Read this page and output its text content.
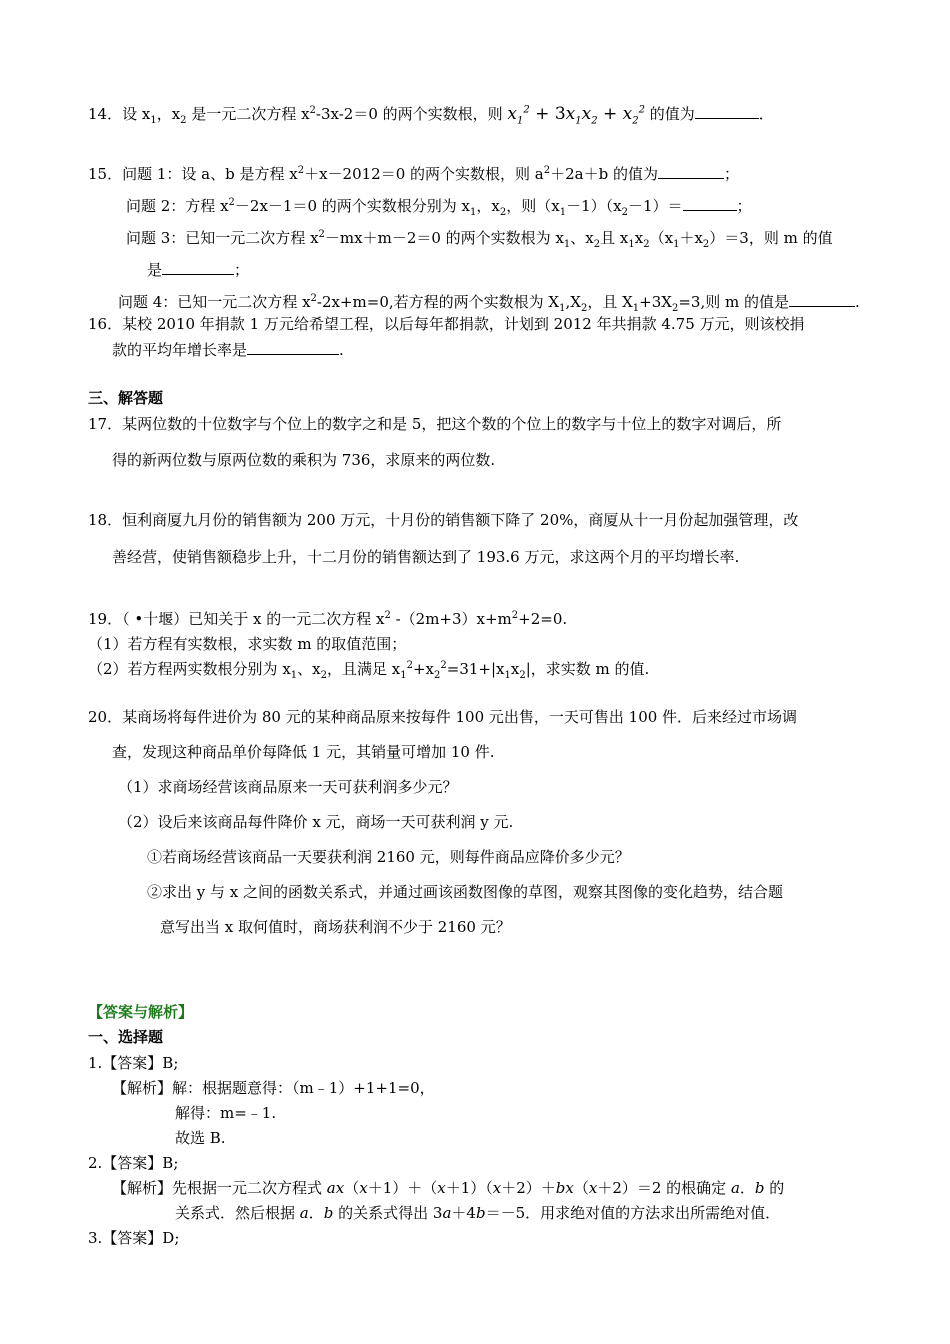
14．设 $x_1$，$x_2$ 是一元二次方程 $x^2-3x-2=0$ 的两个实数根，则 $x_1^2 + 3x_1x_2 + x_2^2$ 的值为	．
15．问题 1：设 a、b 是方程 $x^2+x-2012=0$ 的两个实数根，则 $a^2+2a+b$ 的值为	；
问题 2：方程 $x^2-2x-1=0$ 的两个实数根分别为 $x_1$，$x_2$，则$(x_1-1)(x_2-1)=$	；
问题 3：已知一元二次方程 $x^2-mx+m-2=0$ 的两个实数根为 $x_1$、$x_2$且 $x_1x_2(x_1+x_2)=3$，则 m 的值
是	；
问题 4：已知一元二次方程 $x^2-2x+m=0$,若方程的两个实数根为 $X_1,X_2$，且 $X_1+3X_2=3$,则 m 的值是	.
16．某校 2010 年捐款 1 万元给希望工程，以后每年都捐款，计划到 2012 年共捐款 4.75 万元，则该校捐
款的平均年增长率是	.
三、解答题
17．某两位数的十位数字与个位上的数字之和是 5，把这个数的个位上的数字与十位上的数字对调后，所
得的新两位数与原两位数的乘积为 736，求原来的两位数.
18．恒利商厦九月份的销售额为 200 万元，十月份的销售额下降了 20%，商厦从十一月份起加强管理，改
善经营，使销售额稳步上升，十二月份的销售额达到了 193.6 万元，求这两个月的平均增长率.
19．（ •十堰）已知关于 x 的一元二次方程 $x^2$ $-(2m+3)x+m^2+2=0$.
（1）若方程有实数根，求实数 m 的取值范围；
（2）若方程两实数根分别为 $x_1$、$x_2$，且满足 $x_1^2+x_2^2=31+|x_1x_2|$，求实数 m 的值.
20．某商场将每件进价为 80 元的某种商品原来按每件 100 元出售，一天可售出 100 件．后来经过市场调
查，发现这种商品单价每降低 1 元，其销量可增加 10 件.
（1）求商场经营该商品原来一天可获利润多少元？
（2）设后来该商品每件降价 x 元，商场一天可获利润 y 元.
①若商场经营该商品一天要获利润 2160 元，则每件商品应降价多少元？
②求出 y 与 x 之间的函数关系式，并通过画该函数图像的草图，观察其图像的变化趋势，结合题
意写出当 x 取何值时，商场获利润不少于 2160 元？
【答案与解析】
一、选择题
1.【答案】B;
【解析】解：根据题意得：（m﹣1）+1+1=0，
解得：m=﹣1.
故选 B.
2.【答案】B;
【解析】先根据一元二次方程式 ax（x＋1）＋（x＋1）（x＋2）＋bx（x＋2）＝2 的根确定 a．b 的
关系式．然后根据 a．b 的关系式得出 3a＋4b＝－5．用求绝对值的方法求出所需绝对值．
3.【答案】D;
